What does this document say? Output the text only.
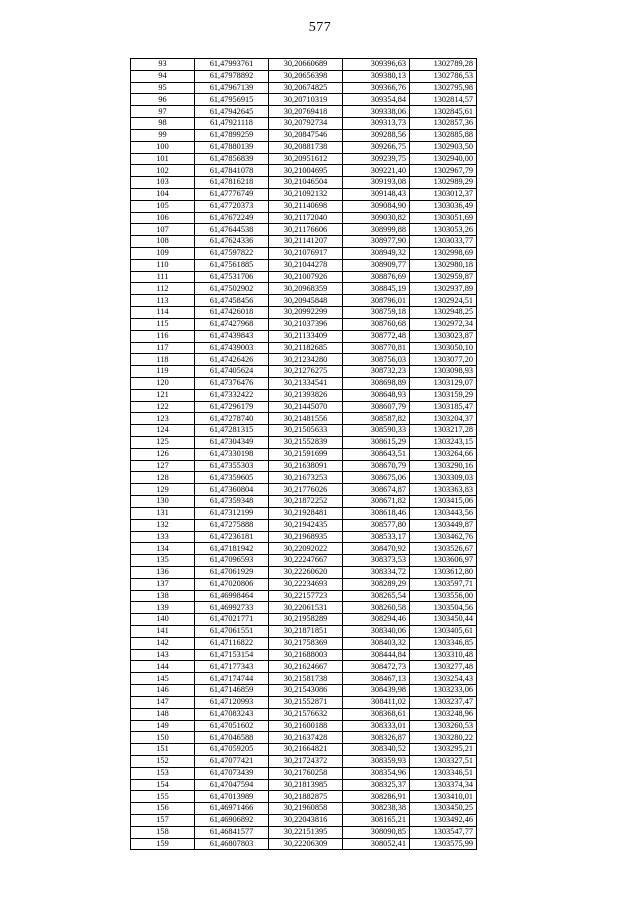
577
93	61,47993761	30,20660689	309396,63	1302789,28
94	61,47978892	30,20656398	309380,13	1302786,53
95	61,47967139	30,20674825	309366,76	1302795,98
96	61,47956915	30,20710319	309354,84	1302814,57
97	61,47942645	30,20769418	309338,06	1302845,61
98	61,47921118	30,20792734	309313,73	1302857,36
99	61,47899259	30,20847546	309288,56	1302885,88
100	61,47880139	30,20881738	309266,75	1302903,50
101	61,47856839	30,20951612	309239,75	1302940,00
102	61,47841078	30,21004695	309221,40	1302967,79
103	61,47816218	30,21046504	309193,08	1302989,29
104	61,47776749	30,21092132	309148,43	1303012,37
105	61,47720373	30,21140698	309084,90	1303036,49
106	61,47672249	30,21172040	309030,82	1303051,69
107	61,47644538	30,21176606	308999,88	1303053,26
108	61,47624336	30,21141207	308977,90	1303033,77
109	61,47597822	30,21076917	308949,32	1302998,69
110	61,47561885	30,21044278	308909,77	1302980,18
111	61,47531706	30,21007926	308876,69	1302959,87
112	61,47502902	30,20968359	308845,19	1302937,89
113	61,47458456	30,20945848	308796,01	1302924,51
114	61,47426018	30,20992299	308759,18	1302948,25
115	61,47427968	30,21037396	308760,68	1302972,34
116	61,47439843	30,21133409	308772,48	1303023,87
117	61,47439003	30,21182685	308770,81	1303050,10
118	61,47426426	30,21234280	308756,03	1303077,20
119	61,47405624	30,21276275	308732,23	1303098,93
120	61,47376476	30,21334541	308698,89	1303129,07
121	61,47332422	30,21393826	308648,93	1303159,29
122	61,47296179	30,21445070	308607,79	1303185,47
123	61,47278740	30,21481556	308587,82	1303204,37
124	61,47281315	30,21505633	308590,33	1303217,28
125	61,47304349	30,21552839	308615,29	1303243,15
126	61,47330198	30,21591699	308643,51	1303264,66
127	61,47355303	30,21638091	308670,79	1303290,16
128	61,47359605	30,21673253	308675,06	1303309,03
129	61,47360804	30,21776026	308674,87	1303363,83
130	61,47359348	30,21872252	308671,82	1303415,06
131	61,47312199	30,21928481	308618,46	1303443,56
132	61,47275888	30,21942435	308577,80	1303449,87
133	61,47236181	30,21968935	308533,17	1303462,76
134	61,47181942	30,22092022	308470,92	1303526,67
135	61,47096593	30,22247667	308373,53	1303606,97
136	61,47061929	30,22260620	308334,72	1303612,80
137	61,47020806	30,22234693	308289,29	1303597,71
138	61,46998464	30,22157723	308265,54	1303556,00
139	61,46992733	30,22061531	308260,58	1303504,56
140	61,47021771	30,21958289	308294,46	1303450,44
141	61,47061551	30,21871851	308340,06	1303405,61
142	61,47116822	30,21758369	308403,32	1303346,85
143	61,47153154	30,21688003	308444,84	1303310,48
144	61,47177343	30,21624667	308472,73	1303277,48
145	61,47174744	30,21581738	308467,13	1303254,43
146	61,47146859	30,21543086	308439,98	1303233,06
147	61,47120993	30,21552871	308411,02	1303237,47
148	61,47083243	30,21576632	308368,61	1303248,96
149	61,47051602	30,21600188	308333,01	1303260,53
150	61,47046588	30,21637428	308326,87	1303280,22
151	61,47059205	30,21664821	308340,52	1303295,21
152	61,47077421	30,21724372	308359,93	1303327,51
153	61,47073439	30,21760258	308354,96	1303346,51
154	61,47047594	30,21813985	308325,37	1303374,34
155	61,47013989	30,21882875	308286,91	1303410,01
156	61,46971466	30,21960858	308238,38	1303450,25
157	61,46906892	30,22043816	308165,21	1303492,46
158	61,46841577	30,22151395	308090,85	1303547,77
159	61,46807803	30,22206309	308052,41	1303575,99
